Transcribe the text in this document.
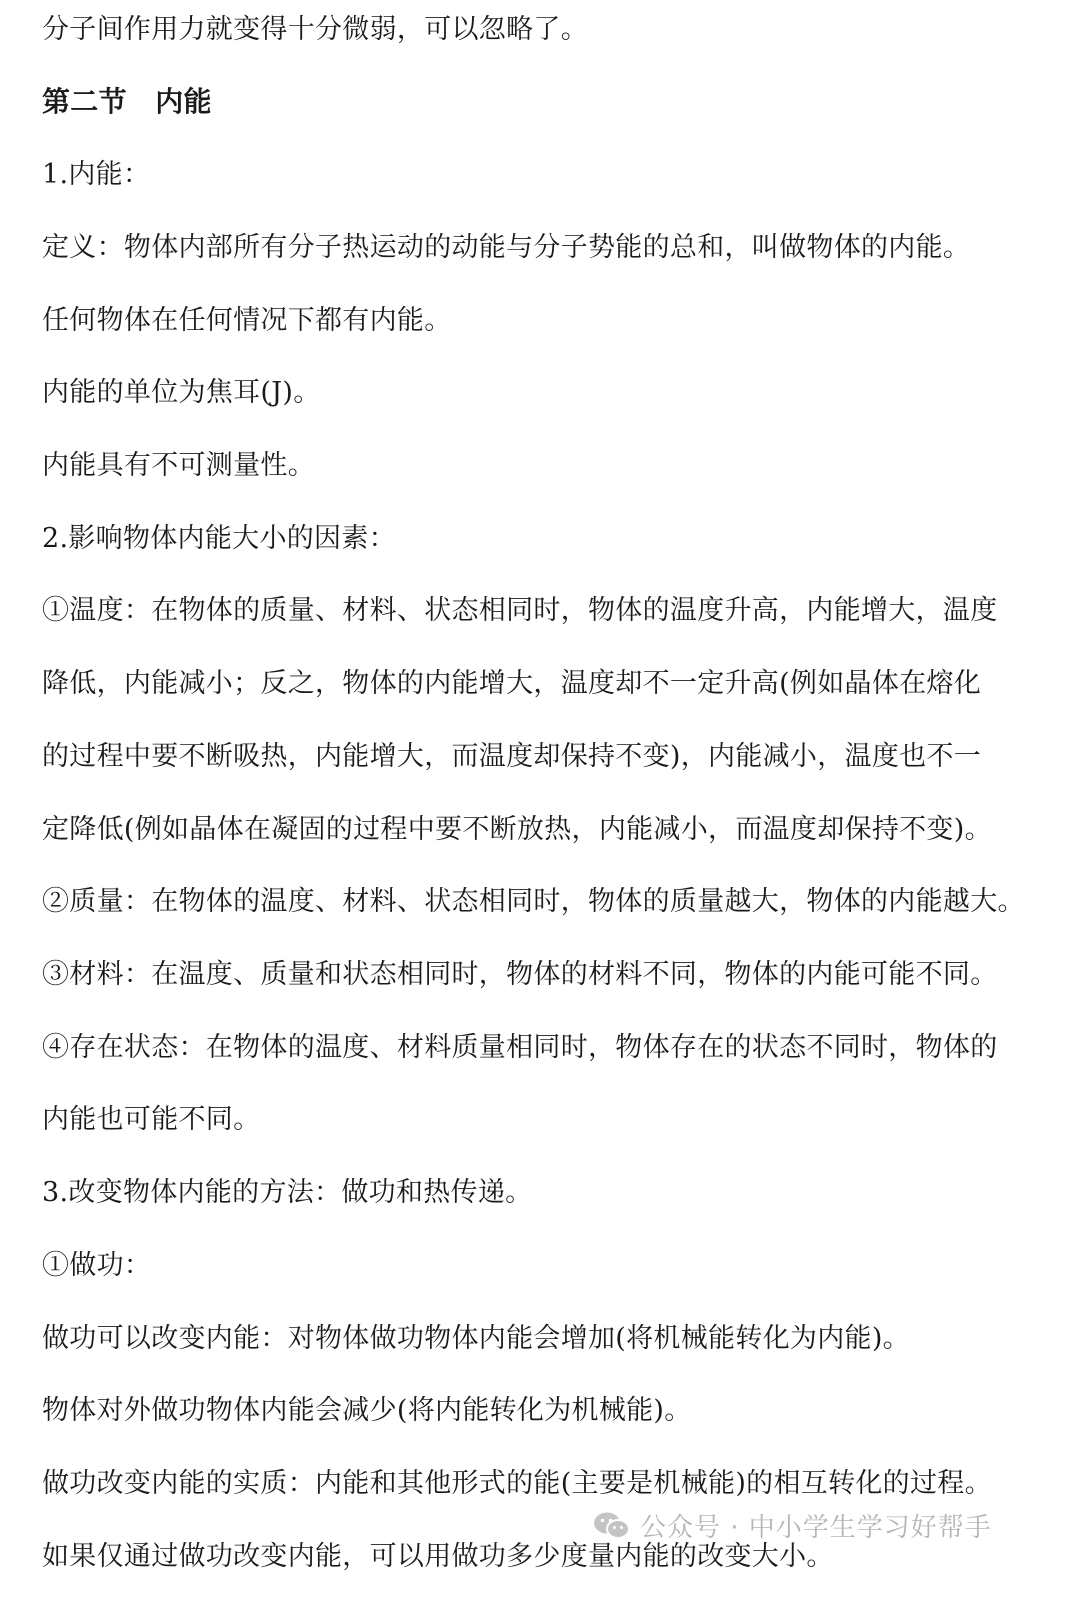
分子间作用力就变得十分微弱，可以忽略了。
第二节　内能
1.内能：
定义：物体内部所有分子热运动的动能与分子势能的总和，叫做物体的内能。
任何物体在任何情况下都有内能。
内能的单位为焦耳(J)。
内能具有不可测量性。
2.影响物体内能大小的因素：
①温度：在物体的质量、材料、状态相同时，物体的温度升高，内能增大，温度
降低，内能减小；反之，物体的内能增大，温度却不一定升高(例如晶体在熔化
的过程中要不断吸热，内能增大，而温度却保持不变)，内能减小，温度也不一
定降低(例如晶体在凝固的过程中要不断放热，内能减小，而温度却保持不变)。
②质量：在物体的温度、材料、状态相同时，物体的质量越大，物体的内能越大。
③材料：在温度、质量和状态相同时，物体的材料不同，物体的内能可能不同。
④存在状态：在物体的温度、材料质量相同时，物体存在的状态不同时，物体的
内能也可能不同。
3.改变物体内能的方法：做功和热传递。
①做功：
做功可以改变内能：对物体做功物体内能会增加(将机械能转化为内能)。
物体对外做功物体内能会减少(将内能转化为机械能)。
做功改变内能的实质：内能和其他形式的能(主要是机械能)的相互转化的过程。
如果仅通过做功改变内能，可以用做功多少度量内能的改变大小。
公众号 · 中小学生学习好帮手
